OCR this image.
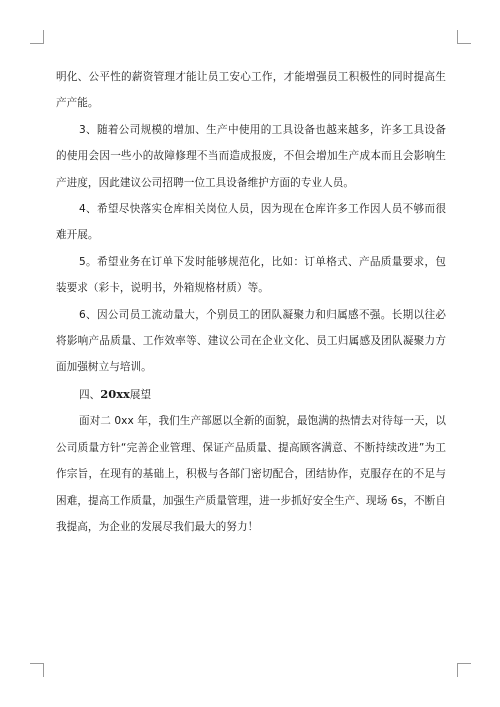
明化、公平性的薪资管理才能让员工安心工作，才能增强员工积极性的同时提高生产产能。

3、随着公司规模的增加、生产中使用的工具设备也越来越多，许多工具设备的使用会因一些小的故障修理不当而造成报废，不但会增加生产成本而且会影响生产进度，因此建议公司招聘一位工具设备维护方面的专业人员。

4、希望尽快落实仓库相关岗位人员，因为现在仓库许多工作因人员不够而很难开展。

5。希望业务在订单下发时能够规范化，比如：订单格式、产品质量要求，包装要求（彩卡，说明书，外箱规格材质）等。

6、因公司员工流动量大，个别员工的团队凝聚力和归属感不强。长期以往必将影响产品质量、工作效率等、建议公司在企业文化、员工归属感及团队凝聚力方面加强树立与培训。

四、20xx展望

面对二 0xx 年，我们生产部愿以全新的面貌，最饱满的热情去对待每一天，以公司质量方针“完善企业管理、保证产品质量、提高顾客满意、不断持续改进”为工作宗旨，在现有的基础上，积极与各部门密切配合，团结协作，克服存在的不足与困难，提高工作质量，加强生产质量管理，进一步抓好安全生产、现场 6s，不断自我提高，为企业的发展尽我们最大的努力！
